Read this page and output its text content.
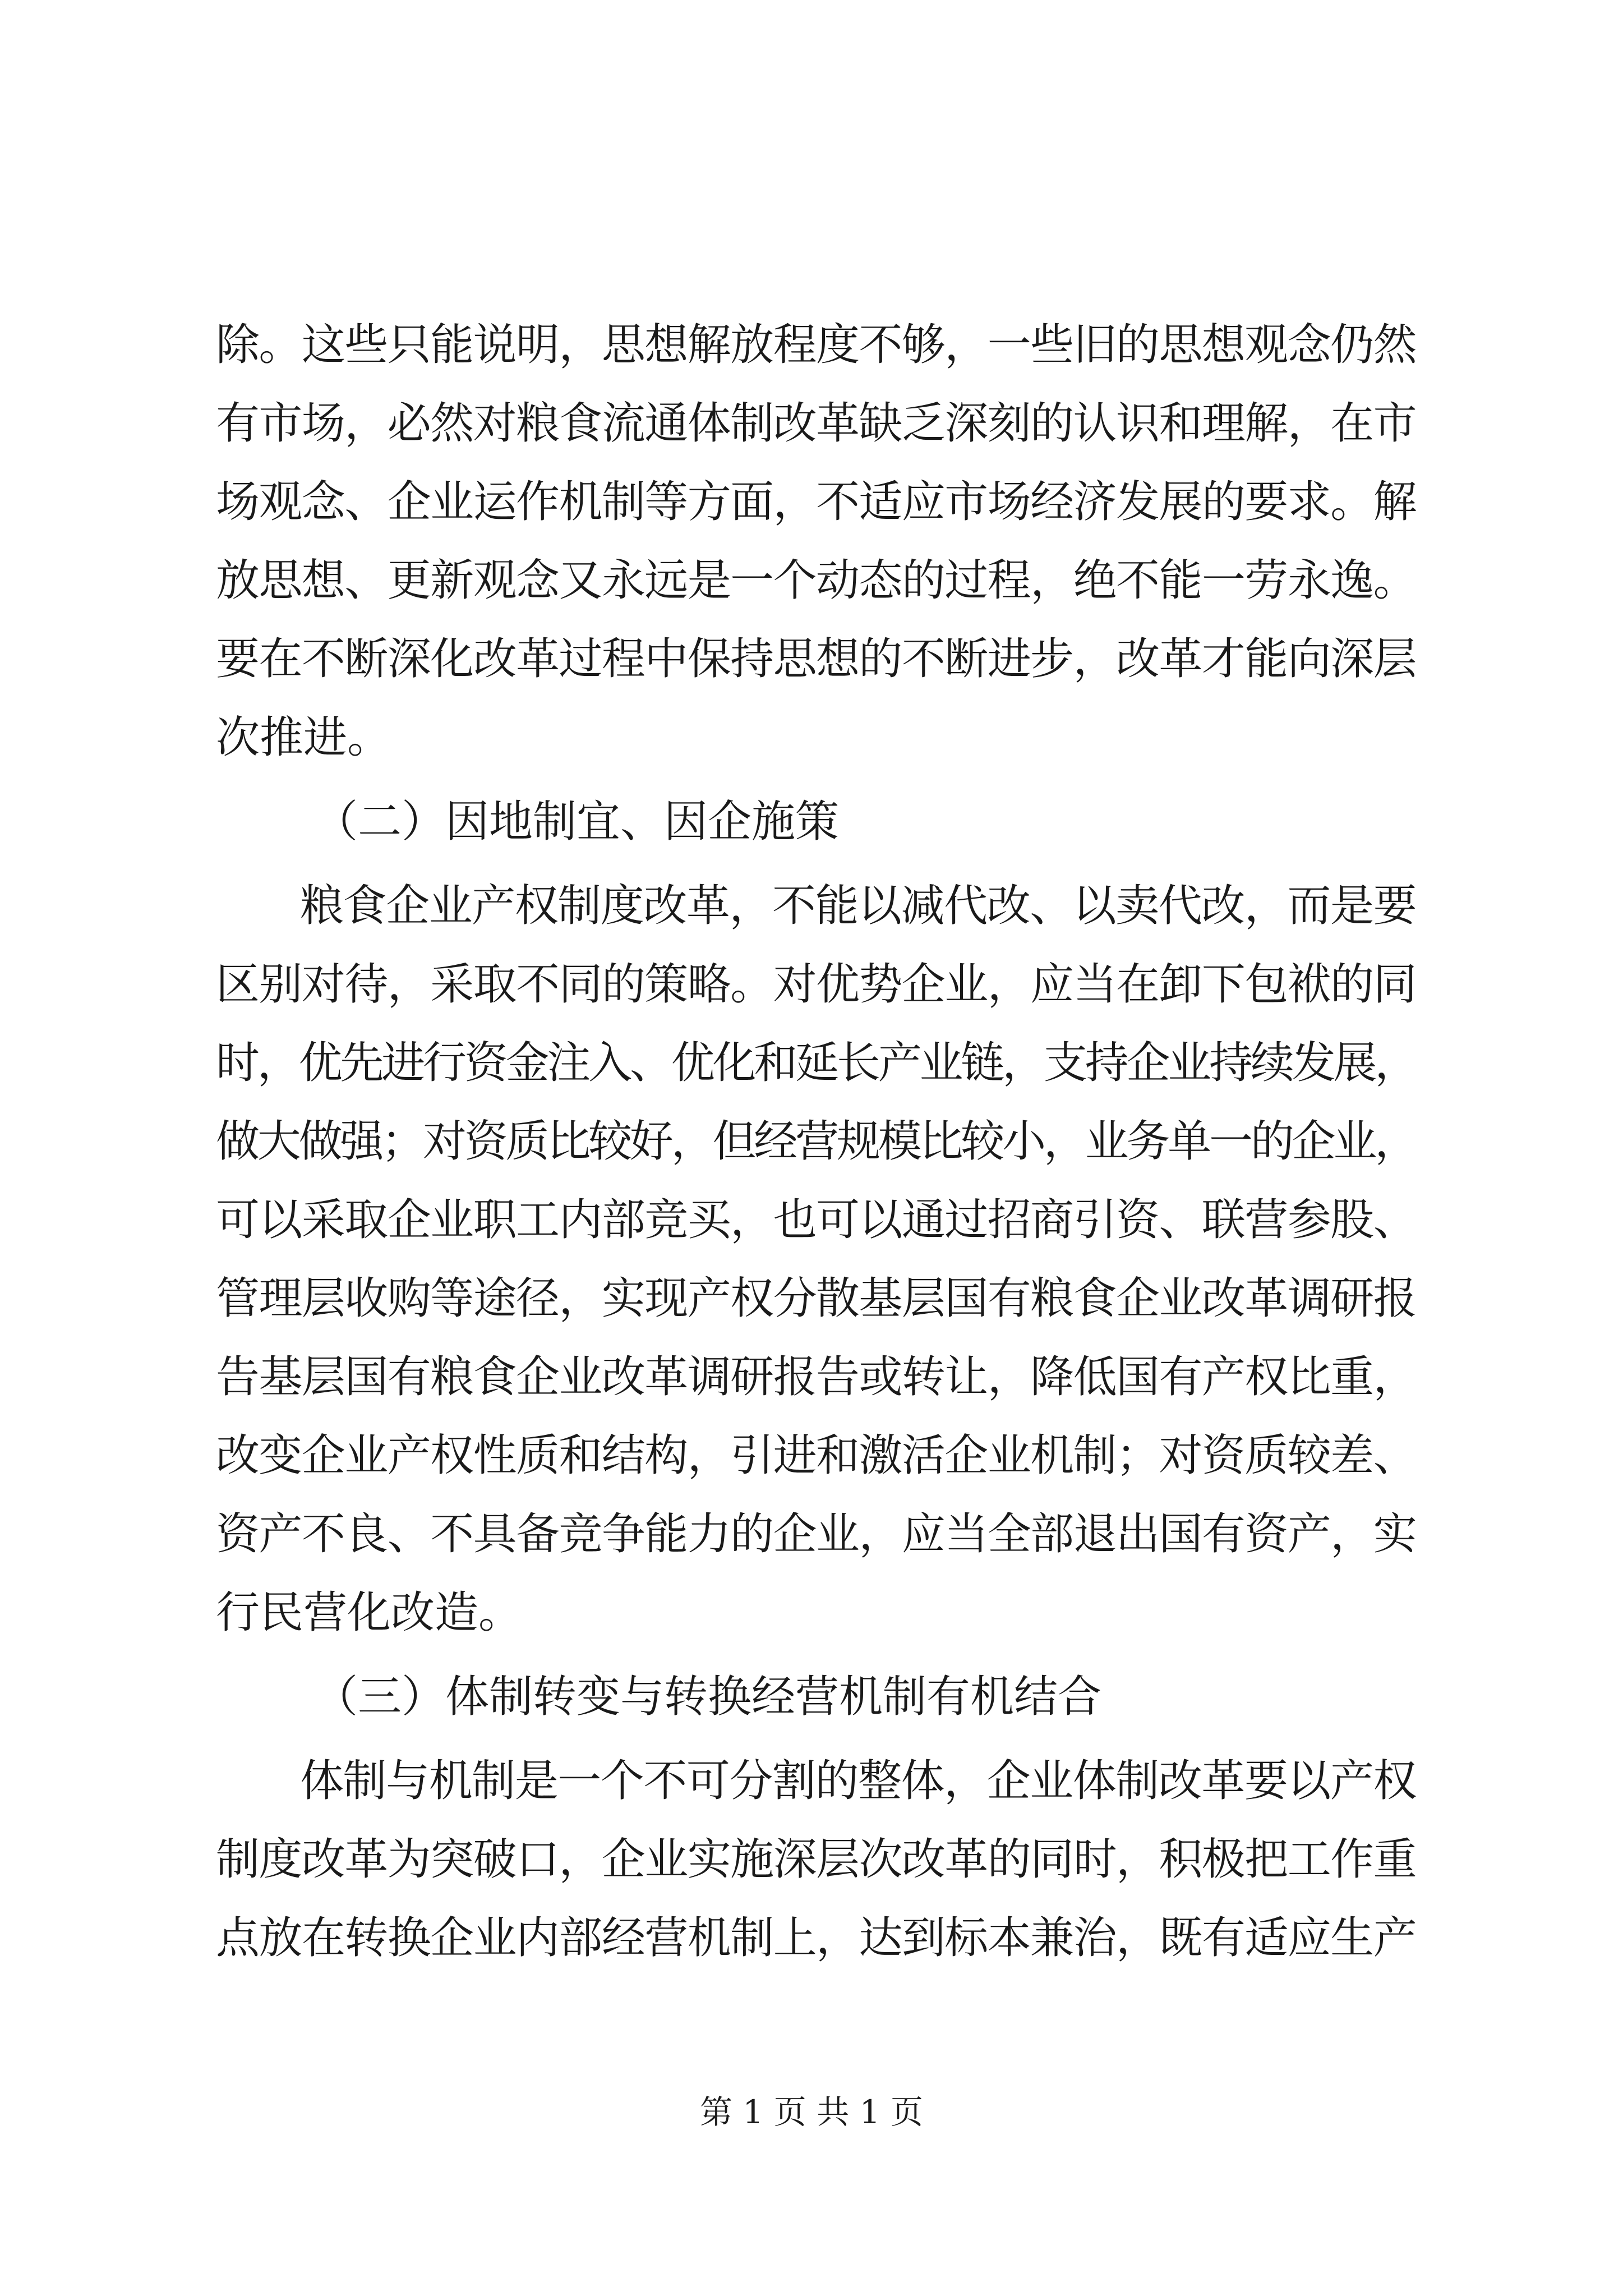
除。这些只能说明，思想解放程度不够，一些旧的思想观念仍然
有市场，必然对粮食流通体制改革缺乏深刻的认识和理解，在市
场观念、企业运作机制等方面，不适应市场经济发展的要求。解
放思想、更新观念又永远是一个动态的过程，绝不能一劳永逸。
要在不断深化改革过程中保持思想的不断进步，改革才能向深层
次推进。
（二）因地制宜、因企施策
粮食企业产权制度改革，不能以减代改、以卖代改，而是要
区别对待，采取不同的策略。对优势企业，应当在卸下包袱的同
时，优先进行资金注入、优化和延长产业链，支持企业持续发展，
做大做强；对资质比较好，但经营规模比较小，业务单一的企业，
可以采取企业职工内部竞买，也可以通过招商引资、联营参股、
管理层收购等途径，实现产权分散基层国有粮食企业改革调研报
告基层国有粮食企业改革调研报告或转让，降低国有产权比重，
改变企业产权性质和结构，引进和激活企业机制；对资质较差、
资产不良、不具备竞争能力的企业，应当全部退出国有资产，实
行民营化改造。
（三）体制转变与转换经营机制有机结合
体制与机制是一个不可分割的整体，企业体制改革要以产权
制度改革为突破口，企业实施深层次改革的同时，积极把工作重
点放在转换企业内部经营机制上，达到标本兼治，既有适应生产
第 1 页 共 1 页
